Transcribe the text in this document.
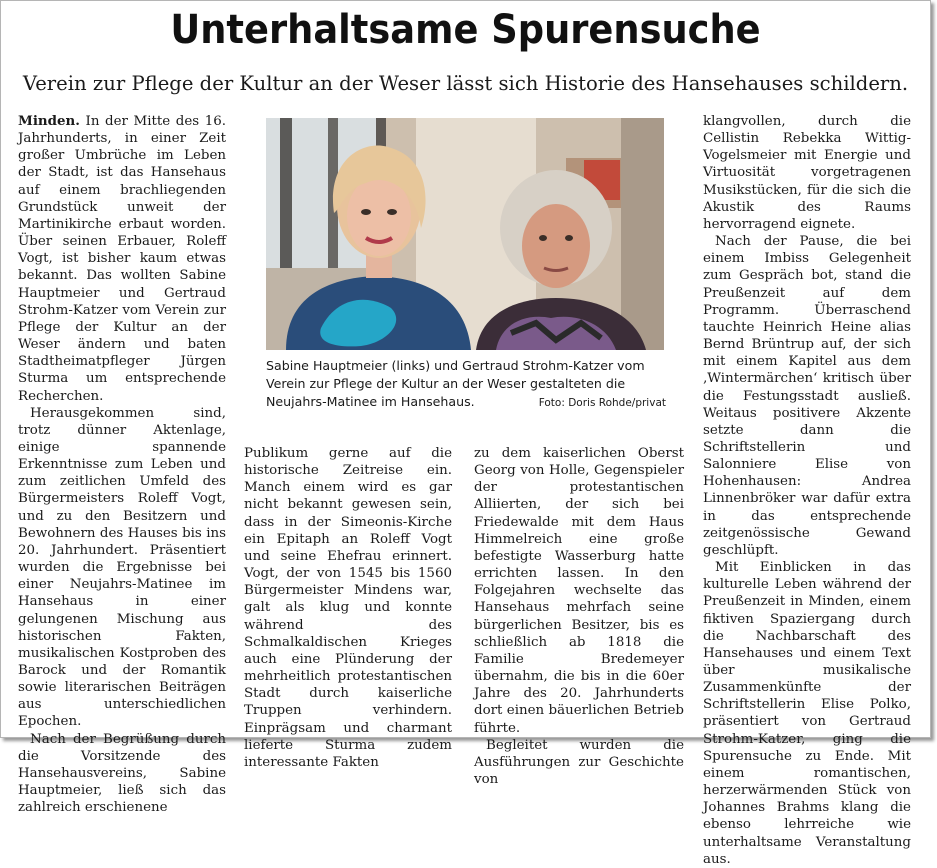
Unterhaltsame Spurensuche
Verein zur Pflege der Kultur an der Weser lässt sich Historie des Hansehauses schildern.

Minden. In der Mitte des 16. Jahrhunderts, in einer Zeit großer Umbrüche im Leben der Stadt, ist das Hansehaus auf einem brachliegenden Grundstück unweit der Martinikirche erbaut worden. Über seinen Erbauer, Roleff Vogt, ist bisher kaum etwas bekannt. Das wollten Sabine Hauptmeier und Gertraud Strohm-Katzer vom Verein zur Pflege der Kultur an der Weser ändern und baten Stadtheimatpfleger Jürgen Sturma um entsprechende Recherchen.

Herausgekommen sind, trotz dünner Aktenlage, einige spannende Erkenntnisse zum Leben und zum zeitlichen Umfeld des Bürgermeisters Roleff Vogt, und zu den Besitzern und Bewohnern des Hauses bis ins 20. Jahrhundert. Präsentiert wurden die Ergebnisse bei einer Neujahrs-Matinee im Hansehaus in einer gelungenen Mischung aus historischen Fakten, musikalischen Kostproben des Barock und der Romantik sowie literarischen Beiträgen aus unterschiedlichen Epochen.

Nach der Begrüßung durch die Vorsitzende des Hansehausvereins, Sabine Hauptmeier, ließ sich das zahlreich erschienene

Sabine Hauptmeier (links) und Gertraud Strohm-Katzer vom Verein zur Pflege der Kultur an der Weser gestalteten die Neujahrs-Matinee im Hansehaus.	Foto: Doris Rohde/privat

Publikum gerne auf die historische Zeitreise ein. Manch einem wird es gar nicht bekannt gewesen sein, dass in der Simeonis-Kirche ein Epitaph an Roleff Vogt und seine Ehefrau erinnert. Vogt, der von 1545 bis 1560 Bürgermeister Mindens war, galt als klug und konnte während des Schmalkaldischen Krieges auch eine Plünderung der mehrheitlich protestantischen Stadt durch kaiserliche Truppen verhindern. Einprägsam und charmant lieferte Sturma zudem interessante Fakten

zu dem kaiserlichen Oberst Georg von Holle, Gegenspieler der protestantischen Alliierten, der sich bei Friedewalde mit dem Haus Himmelreich eine große befestigte Wasserburg hatte errichten lassen. In den Folgejahren wechselte das Hansehaus mehrfach seine bürgerlichen Besitzer, bis es schließlich ab 1818 die Familie Bredemeyer übernahm, die bis in die 60er Jahre des 20. Jahrhunderts dort einen bäuerlichen Betrieb führte.

Begleitet wurden die Ausführungen zur Geschichte von

klangvollen, durch die Cellistin Rebekka Wittig-Vogelsmeier mit Energie und Virtuosität vorgetragenen Musikstücken, für die sich die Akustik des Raums hervorragend eignete.

Nach der Pause, die bei einem Imbiss Gelegenheit zum Gespräch bot, stand die Preußenzeit auf dem Programm. Überraschend tauchte Heinrich Heine alias Bernd Brüntrup auf, der sich mit einem Kapitel aus dem ‚Wintermärchen‘ kritisch über die Festungsstadt ausließ. Weitaus positivere Akzente setzte dann die Schriftstellerin und Salonniere Elise von Hohenhausen: Andrea Linnenbröker war dafür extra in das entsprechende zeitgenössische Gewand geschlüpft.

Mit Einblicken in das kulturelle Leben während der Preußenzeit in Minden, einem fiktiven Spaziergang durch die Nachbarschaft des Hansehauses und einem Text über musikalische Zusammenkünfte der Schriftstellerin Elise Polko, präsentiert von Gertraud Strohm-Katzer, ging die Spurensuche zu Ende. Mit einem romantischen, herzerwärmenden Stück von Johannes Brahms klang die ebenso lehrreiche wie unterhaltsame Veranstaltung aus.
